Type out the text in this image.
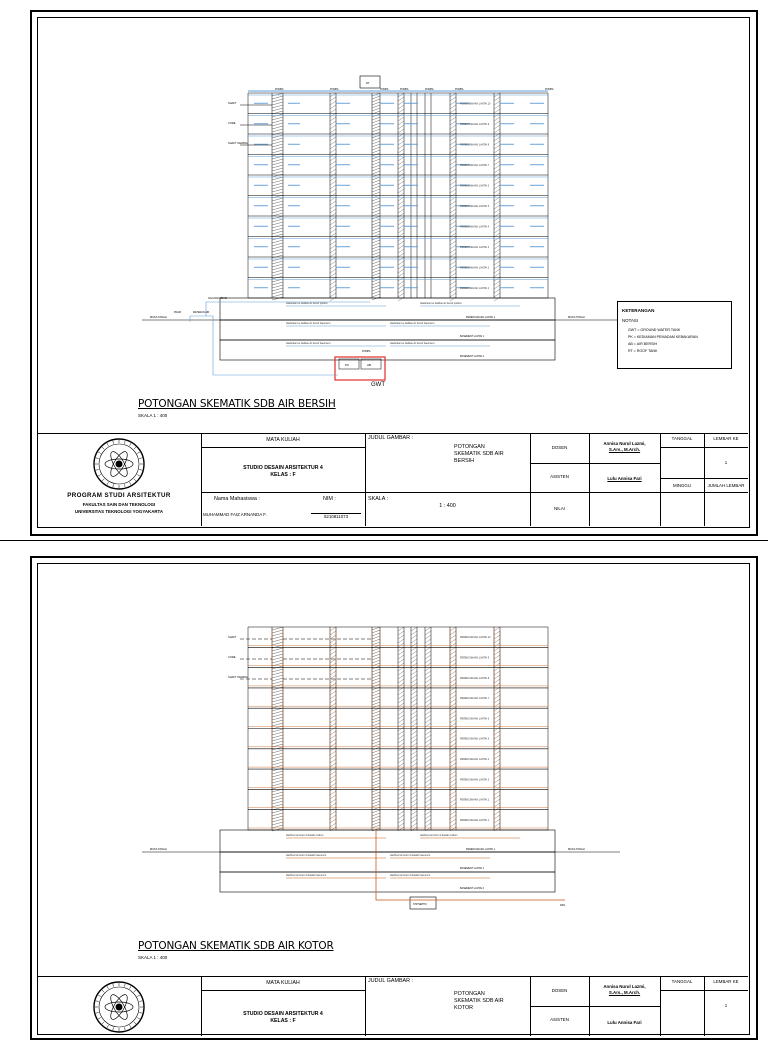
PERENCANAAN LANTAI 10
PERENCANAAN LANTAI 9
PERENCANAAN LANTAI 8
PERENCANAAN LANTAI 7
PERENCANAAN LANTAI 6
PERENCANAAN LANTAI 5
PERENCANAAN LANTAI 4
PERENCANAAN LANTAI 3
PERENCANAAN LANTAI 2
PERENCANAAN LANTAI 1
MUKA TANAH	MUKA TANAH
PERENCANAAN LANTAI 1
BASEMENT LANTAI 1
BASEMENT LANTAI 2
disalurkan ke fasilitas air bersih podium	disalurkan ke fasilitas air bersih podium
disalurkan ke fasilitas air bersih basement	disalurkan ke fasilitas air bersih basement
disalurkan ke fasilitas air bersih basement	disalurkan ke fasilitas air bersih basement
SHAFT
CORE
SHAFT SAMPAH
RT
POMPA	POMPA	POMPA	POMPA	POMPA	POMPA	POMPA
PK	AB
GWT
POMPA
PDAM	METERAN AIR
SALURAN PDAM
KETERANGAN
NOTASI
GWT = GROUND WATER TANK
PK = KEDIAMAN PEMADAM KEBAKARAN
AB = AIR BERSIH
RT = ROOF TANK
POTONGAN SKEMATIK SDB AIR BERSIH
SKALA 1 : 400
PROGRAM STUDI ARSITEKTUR
FAKULTAS SAIN DAN TEKNOLOGI
UNIVERSITAS TEKNOLOGI YOGYAKARTA
MATA KULIAH
STUDIO DESAIN ARSITEKTUR 4
KELAS : F
Nama Mahasiswa :	NIM :
MUHAMMAD FAIZ ARNANDA F.	5210811073
JUDUL GAMBAR :
POTONGAN
SKEMATIK SDB AIR
BERSIH
SKALA :
1 : 400
DOSEN
Annisa Nurul Lazmi,
S.Ars., M.Arch.
ASISTEN	Lulu Annisa Fari
NILAI
TANGGAL	LEMBAR KE
1
MINGGU	JUMLAH LEMBAR
PERENCANAAN LANTAI 10
PERENCANAAN LANTAI 9
PERENCANAAN LANTAI 8
PERENCANAAN LANTAI 7
PERENCANAAN LANTAI 6
PERENCANAAN LANTAI 5
PERENCANAAN LANTAI 4
PERENCANAAN LANTAI 3
PERENCANAAN LANTAI 2
PERENCANAAN LANTAI 1
MUKA TANAH	MUKA TANAH
PERENCANAAN LANTAI 1
BASEMENT LANTAI 1
BASEMENT LANTAI 2
distribusi air kotor di bawah podium	distribusi air kotor di bawah podium
distribusi air kotor di bawah basement	distribusi air kotor di bawah basement
distribusi air kotor di bawah basement	distribusi air kotor di bawah basement
SHAFT
CORE
SHAFT SAMPAH
STP/SEPTIK	RIOL
POTONGAN SKEMATIK SDB AIR KOTOR
SKALA 1 : 400
MATA KULIAH
STUDIO DESAIN ARSITEKTUR 4
KELAS : F
JUDUL GAMBAR :
POTONGAN
SKEMATIK SDB AIR
KOTOR
DOSEN
Annisa Nurul Lazmi,
S.Ars., M.Arch.
ASISTEN
Lulu Annisa Fari
TANGGAL	LEMBAR KE
1
